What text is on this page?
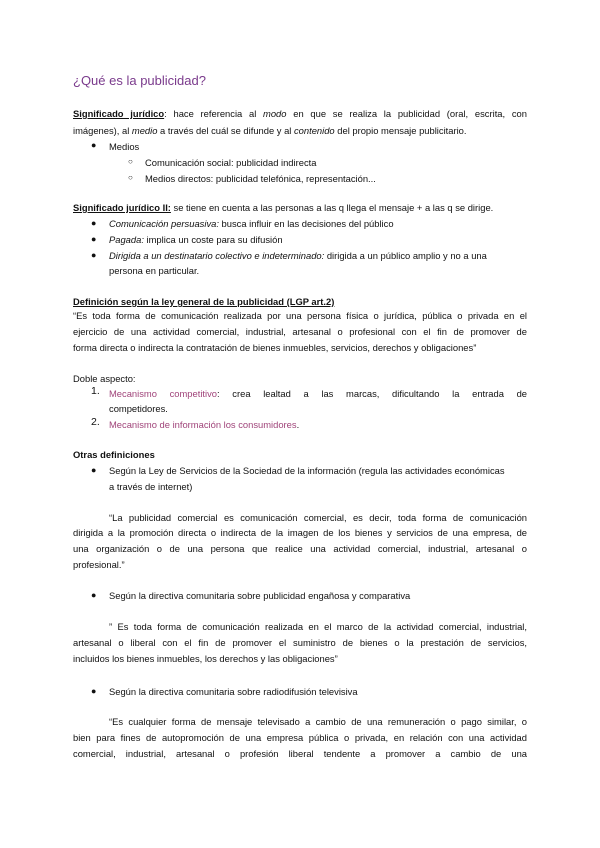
¿Qué es la publicidad?
Significado jurídico: hace referencia al modo en que se realiza la publicidad (oral, escrita, con
imágenes), al medio a través del cuál se difunde y al contenido del propio mensaje publicitario.
● Medios
○ Comunicación social: publicidad indirecta
○ Medios directos: publicidad telefónica, representación...
Significado jurídico II: se tiene en cuenta a las personas a las q llega el mensaje + a las q se dirige.
● Comunicación persuasiva: busca influir en las decisiones del público
● Pagada: implica un coste para su difusión
● Dirigida a un destinatario colectivo e indeterminado: dirigida a un público amplio y no a una
persona en particular.
Definición según la ley general de la publicidad (LGP art.2)
“Es toda forma de comunicación realizada por una persona física o jurídica, pública o privada en el
ejercicio de una actividad comercial, industrial, artesanal o profesional con el fin de promover de
forma directa o indirecta la contratación de bienes inmuebles, servicios, derechos y obligaciones”
Doble aspecto:
1. Mecanismo competitivo: crea lealtad a las marcas, dificultando la entrada de
competidores.
2. Mecanismo de información los consumidores.
Otras definiciones
● Según la Ley de Servicios de la Sociedad de la información (regula las actividades económicas
a través de internet)
“La publicidad comercial es comunicación comercial, es decir, toda forma de comunicación
dirigida a la promoción directa o indirecta de la imagen de los bienes y servicios de una empresa, de
una organización o de una persona que realice una actividad comercial, industrial, artesanal o
profesional.”
● Según la directiva comunitaria sobre publicidad engañosa y comparativa
” Es toda forma de comunicación realizada en el marco de la actividad comercial, industrial,
artesanal o liberal con el fin de promover el suministro de bienes o la prestación de servicios,
incluidos los bienes inmuebles, los derechos y las obligaciones”
● Según la directiva comunitaria sobre radiodifusión televisiva
“Es cualquier forma de mensaje televisado a cambio de una remuneración o pago similar, o
bien para fines de autopromoción de una empresa pública o privada, en relación con una actividad
comercial, industrial, artesanal o profesión liberal tendente a promover a cambio de una
